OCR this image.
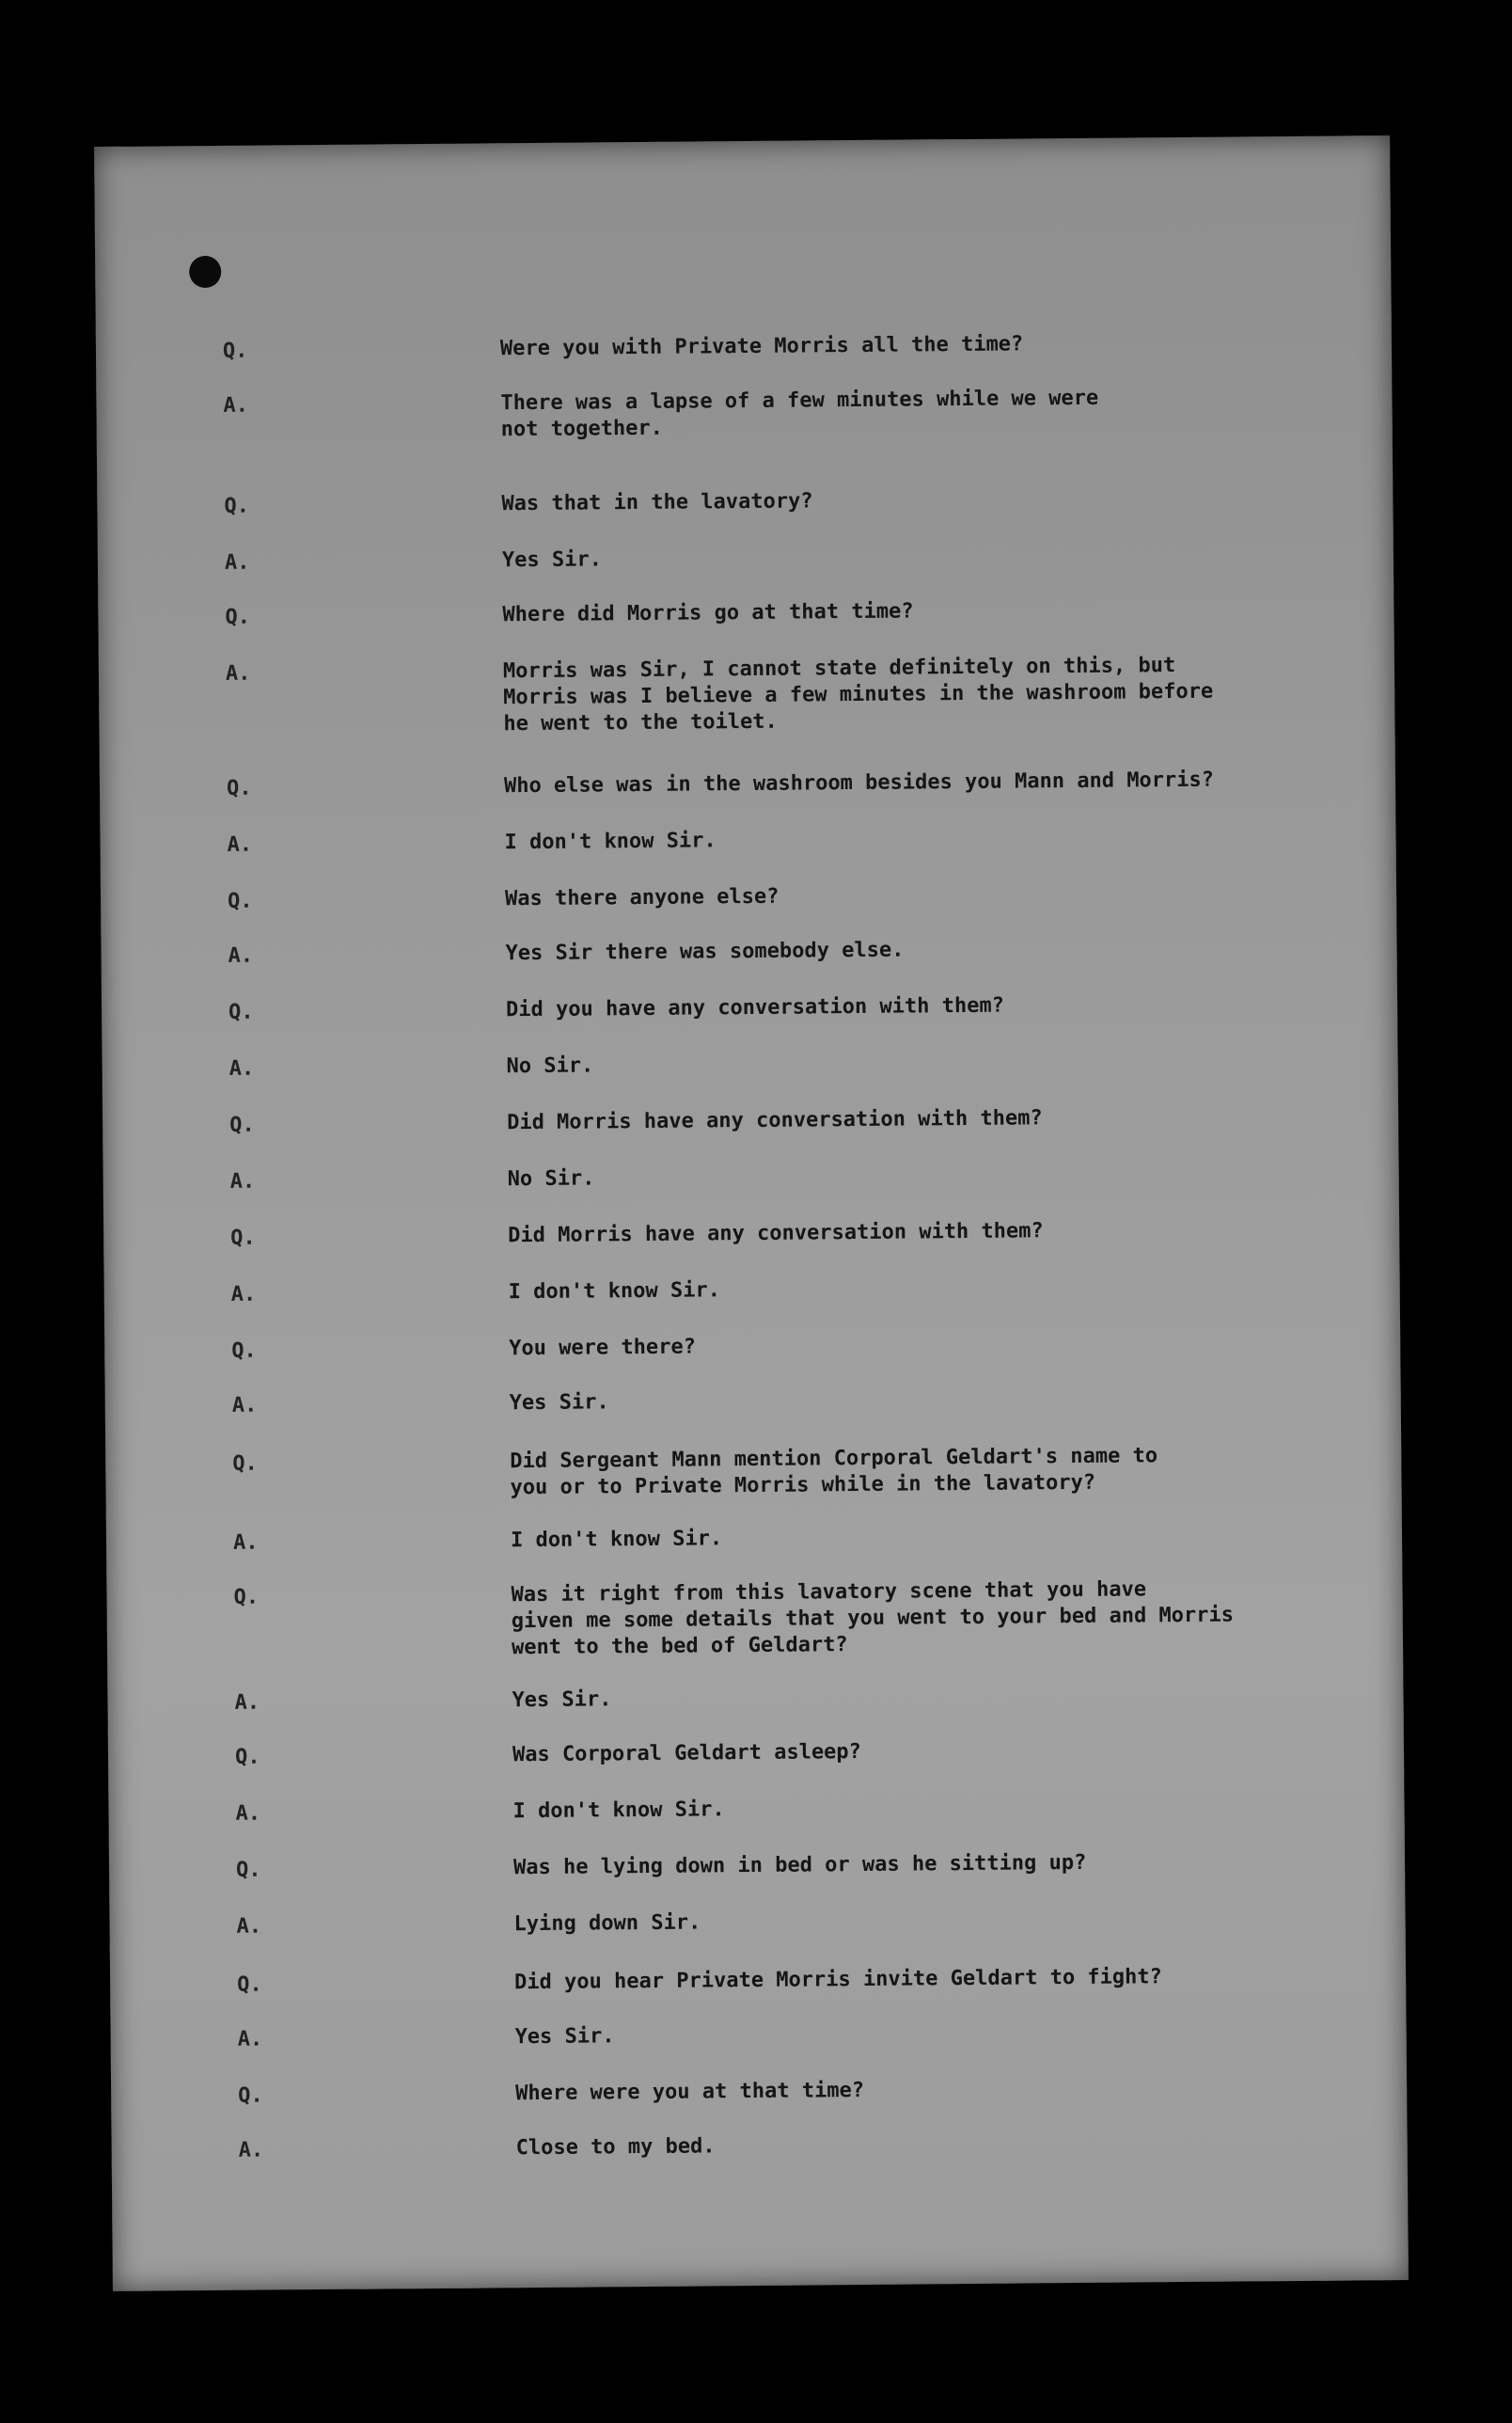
Q.	Were you with Private Morris all the time?
A.	There was a lapse of a few minutes while we were
not together.
Q.	Was that in the lavatory?
A.	Yes Sir.
Q.	Where did Morris go at that time?
A.	Morris was Sir, I cannot state definitely on this, but
Morris was I believe a few minutes in the washroom before
he went to the toilet.
Q.	Who else was in the washroom besides you Mann and Morris?
A.	I don't know Sir.
Q.	Was there anyone else?
A.	Yes Sir there was somebody else.
Q.	Did you have any conversation with them?
A.	No Sir.
Q.	Did Morris have any conversation with them?
A.	No Sir.
Q.	Did Morris have any conversation with them?
A.	I don't know Sir.
Q.	You were there?
A.	Yes Sir.
Q.	Did Sergeant Mann mention Corporal Geldart's name to
you or to Private Morris while in the lavatory?
A.	I don't know Sir.
Q.	Was it right from this lavatory scene that you have
given me some details that you went to your bed and Morris
went to the bed of Geldart?
A.	Yes Sir.
Q.	Was Corporal Geldart asleep?
A.	I don't know Sir.
Q.	Was he lying down in bed or was he sitting up?
A.	Lying down Sir.
Q.	Did you hear Private Morris invite Geldart to fight?
A.	Yes Sir.
Q.	Where were you at that time?
A.	Close to my bed.
